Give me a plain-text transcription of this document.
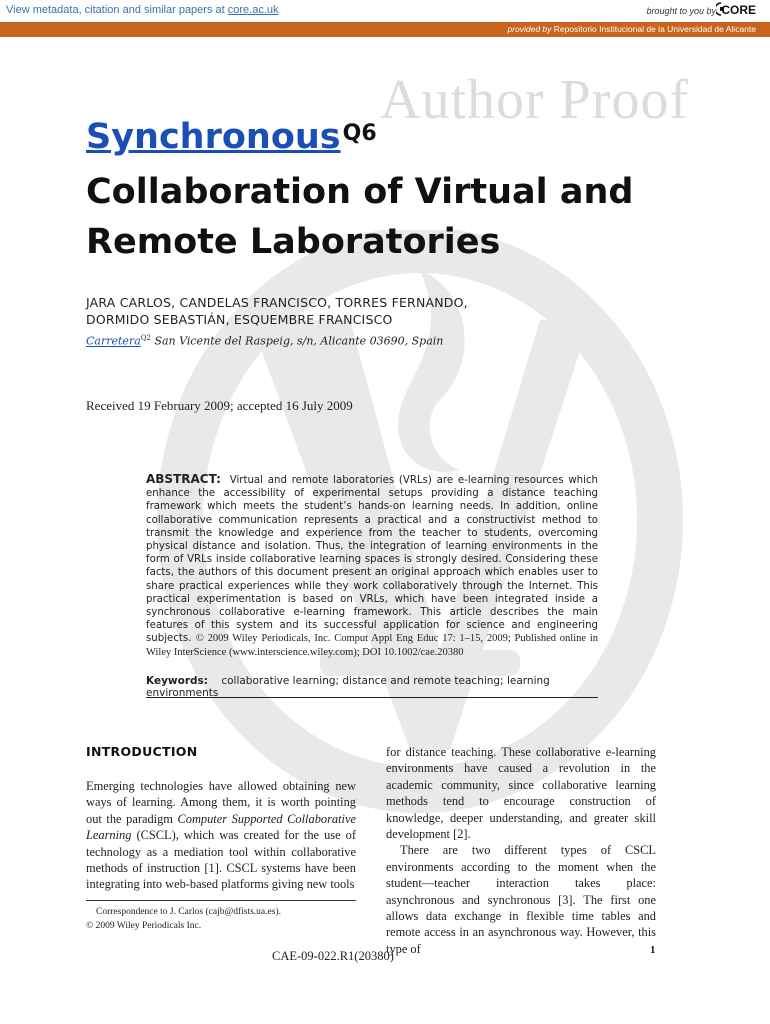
View metadata, citation and similar papers at core.ac.uk	brought to you by CORE
provided by Repositorio Institucional de la Universidad de Alicante
Author Proof
Synchronous$^{Q6}$
Collaboration of Virtual and
Remote Laboratories
JARA CARLOS, CANDELAS FRANCISCO, TORRES FERNANDO,
DORMIDO SEBASTIÁN, ESQUEMBRE FRANCISCO
Carretera$^{Q2}$ San Vicente del Raspeig, s/n, Alicante 03690, Spain
Received 19 February 2009; accepted 16 July 2009
ABSTRACT: Virtual and remote laboratories (VRLs) are e-learning resources which enhance the accessibility of experimental setups providing a distance teaching framework which meets the student’s hands-on learning needs. In addition, online collaborative communication represents a practical and a constructivist method to transmit the knowledge and experience from the teacher to students, overcoming physical distance and isolation. Thus, the integration of learning environments in the form of VRLs inside collaborative learning spaces is strongly desired. Considering these facts, the authors of this document present an original approach which enables user to share practical experiences while they work collaboratively through the Internet. This practical experimentation is based on VRLs, which have been integrated inside a synchronous collaborative e-learning framework. This article describes the main features of this system and its successful application for science and engineering subjects. © 2009 Wiley Periodicals, Inc. Comput Appl Eng Educ 17: 1–15, 2009; Published online in Wiley InterScience (www.interscience.wiley.com); DOI 10.1002/cae.20380
Keywords: collaborative learning; distance and remote teaching; learning environments
INTRODUCTION

Emerging technologies have allowed obtaining new ways of learning. Among them, it is worth pointing out the paradigm Computer Supported Collaborative Learning (CSCL), which was created for the use of technology as a mediation tool within collaborative methods of instruction [1]. CSCL systems have been integrating into web-based platforms giving new tools

for distance teaching. These collaborative e-learning environments have caused a revolution in the academic community, since collaborative learning methods tend to encourage construction of knowledge, deeper understanding, and greater skill development [2].

There are two different types of CSCL environments according to the moment when the student—teacher interaction takes place: asynchronous and synchronous [3]. The first one allows data exchange in flexible time tables and remote access in an asynchronous way. However, this type of

Correspondence to J. Carlos (cajb@dfists.ua.es).
© 2009 Wiley Periodicals Inc.
CAE-09-022.R1(20380)	1
